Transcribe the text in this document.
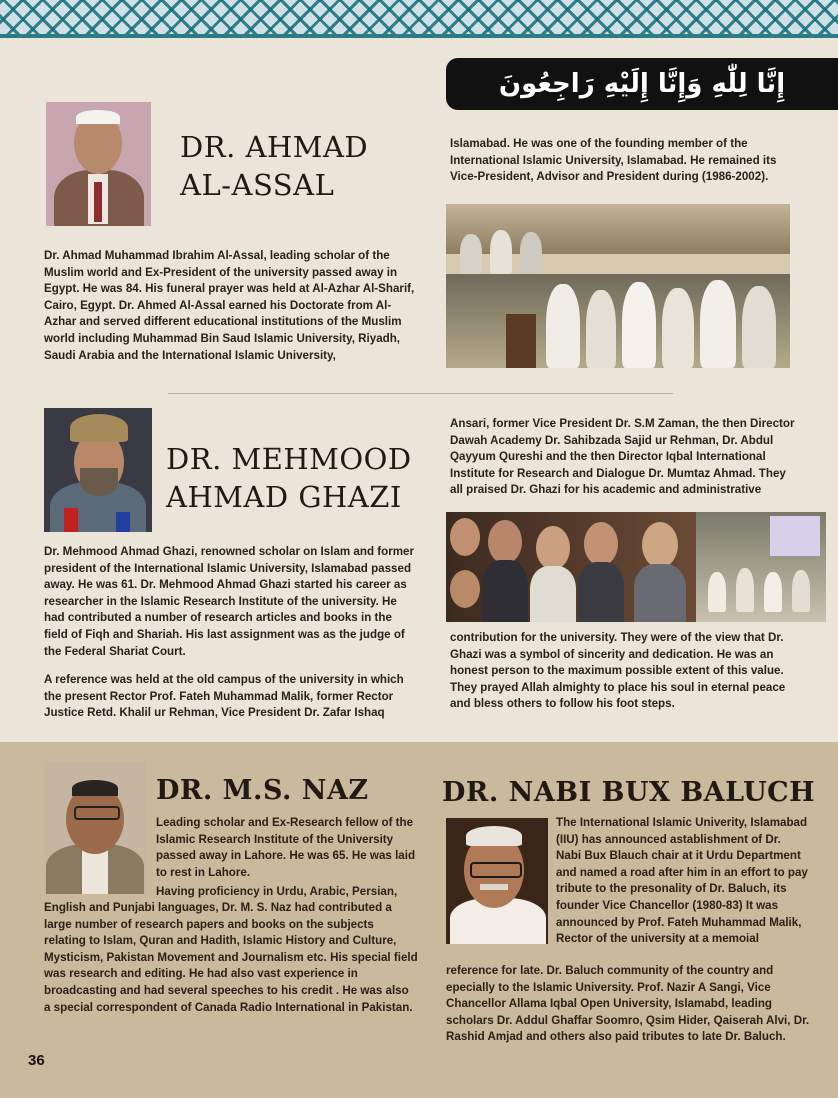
إِنَّا لِلّٰهِ وَإِنَّا إِلَيْهِ رَاجِعُونَ
DR. AHMAD
AL-ASSAL

Dr. Ahmad Muhammad Ibrahim Al-Assal, leading scholar of the Muslim world and Ex-President of the university passed away in Egypt. He was 84. His funeral prayer was held at Al-Azhar Al-Sharif, Cairo, Egypt. Dr. Ahmed Al-Assal earned his Doctorate from Al-Azhar and served different educational institutions of the Muslim world including Muhammad Bin Saud Islamic University, Riyadh, Saudi Arabia and the International Islamic University,

Islamabad. He was one of the founding member of the International Islamic University, Islamabad. He remained its Vice-President, Advisor and President during (1986-2002).

DR. MEHMOOD
AHMAD GHAZI

Dr. Mehmood Ahmad Ghazi, renowned scholar on Islam and former president of the International Islamic University, Islamabad passed away. He was 61. Dr. Mehmood Ahmad Ghazi started his career as researcher in the Islamic Research Institute of the university. He had contributed a number of research articles and books in the field of Fiqh and Shariah. His last assignment was as the judge of the Federal Shariat Court.

A reference was held at the old campus of the university in which the present Rector Prof. Fateh Muhammad Malik, former Rector Justice Retd. Khalil ur Rehman, Vice President Dr. Zafar Ishaq

Ansari, former Vice President Dr. S.M Zaman, the then Director Dawah Academy Dr. Sahibzada Sajid ur Rehman, Dr. Abdul Qayyum Qureshi and the then Director Iqbal International Institute for Research and Dialogue Dr. Mumtaz Ahmad. They all praised Dr. Ghazi for his academic and administrative

contribution for the university. They were of the view that Dr. Ghazi was a symbol of sincerity and dedication. He was an honest person to the maximum possible extent of this value. They prayed Allah almighty to place his soul in eternal peace and bless others to follow his foot steps.

DR. M.S. NAZ

Leading scholar and Ex-Research fellow of the Islamic Research Institute of the University passed away in Lahore. He was 65. He was laid to rest in Lahore.

Having proficiency in Urdu, Arabic, Persian,

English and Punjabi languages, Dr. M. S. Naz had contributed a large number of research papers and books on the subjects relating to Islam, Quran and Hadith, Islamic History and Culture, Mysticism, Pakistan Movement and Journalism etc. His special field was research and editing. He had also vast experience in broadcasting and had several speeches to his credit . He was also a special correspondent of Canada Radio International in Pakistan.

DR. NABI BUX BALUCH

The International Islamic Univerity, Islamabad (IIU) has announced astablishment of Dr. Nabi Bux Blauch chair at it Urdu Department and named a road after him in an effort to pay tribute to the presonality of Dr. Baluch, its founder Vice Chancellor (1980-83) It was announced by Prof. Fateh Muhammad Malik, Rector of the university at a memoial

reference for late. Dr. Baluch community of the country and epecially to the Islamic University. Prof. Nazir A Sangi, Vice Chancellor Allama Iqbal Open University, Islamabd, leading scholars Dr. Addul Ghaffar Soomro, Qsim Hider, Qaiserah Alvi, Dr. Rashid Amjad and others also paid tributes to late Dr. Baluch.

36
